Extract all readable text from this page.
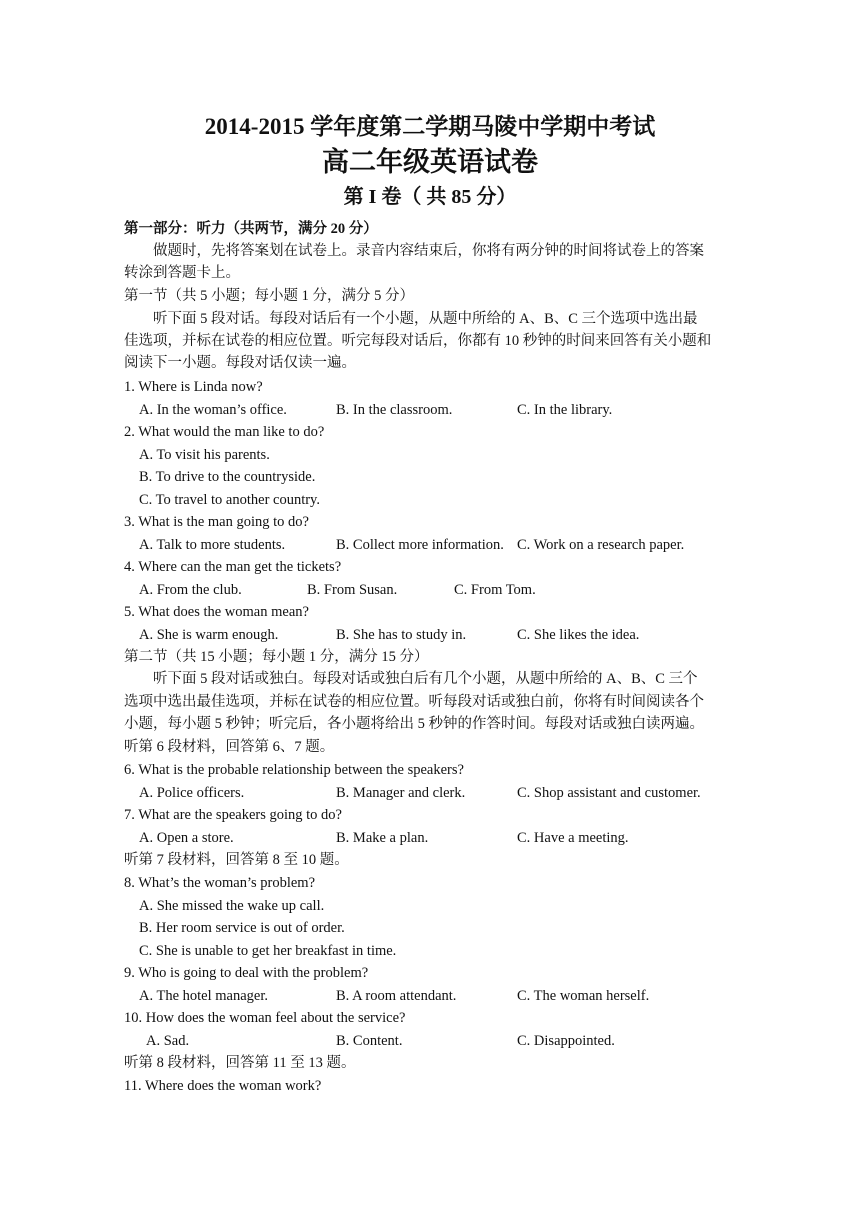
2014-2015 学年度第二学期马陵中学期中考试
高二年级英语试卷
第 I 卷（ 共 85 分）
第一部分：听力（共两节，满分 20 分）
做题时，先将答案划在试卷上。录音内容结束后，你将有两分钟的时间将试卷上的答案
转涂到答题卡上。
第一节（共 5 小题；每小题 1 分，满分 5 分）
听下面 5 段对话。每段对话后有一个小题，从题中所给的 A、B、C 三个选项中选出最
佳选项，并标在试卷的相应位置。听完每段对话后，你都有 10 秒钟的时间来回答有关小题和
阅读下一小题。每段对话仅读一遍。
1. Where is Linda now?
A. In the woman’s office.	B. In the classroom.	C. In the library.
2. What would the man like to do?
A. To visit his parents.
B. To drive to the countryside.
C. To travel to another country.
3. What is the man going to do?
A. Talk to more students.	B. Collect more information. C. Work on a research paper.
4. Where can the man get the tickets?
A. From the club.	B. From Susan.	C. From Tom.
5. What does the woman mean?
A. She is warm enough.	B. She has to study in.	C. She likes the idea.
第二节（共 15 小题；每小题 1 分，满分 15 分）
听下面 5 段对话或独白。每段对话或独白后有几个小题，从题中所给的 A、B、C 三个
选项中选出最佳选项，并标在试卷的相应位置。听每段对话或独白前，你将有时间阅读各个
小题，每小题 5 秒钟；听完后，各小题将给出 5 秒钟的作答时间。每段对话或独白读两遍。
听第 6 段材料，回答第 6、7 题。
6. What is the probable relationship between the speakers?
A. Police officers.	B. Manager and clerk.	C. Shop assistant and customer.
7. What are the speakers going to do?
A. Open a store.	B. Make a plan.	C. Have a meeting.
听第 7 段材料，回答第 8 至 10 题。
8. What’s the woman’s problem?
A. She missed the wake up call.
B. Her room service is out of order.
C. She is unable to get her breakfast in time.
9. Who is going to deal with the problem?
A. The hotel manager.	B. A room attendant.	C. The woman herself.
10. How does the woman feel about the service?
A. Sad.	B. Content.	C. Disappointed.
听第 8 段材料，回答第 11 至 13 题。
11. Where does the woman work?
